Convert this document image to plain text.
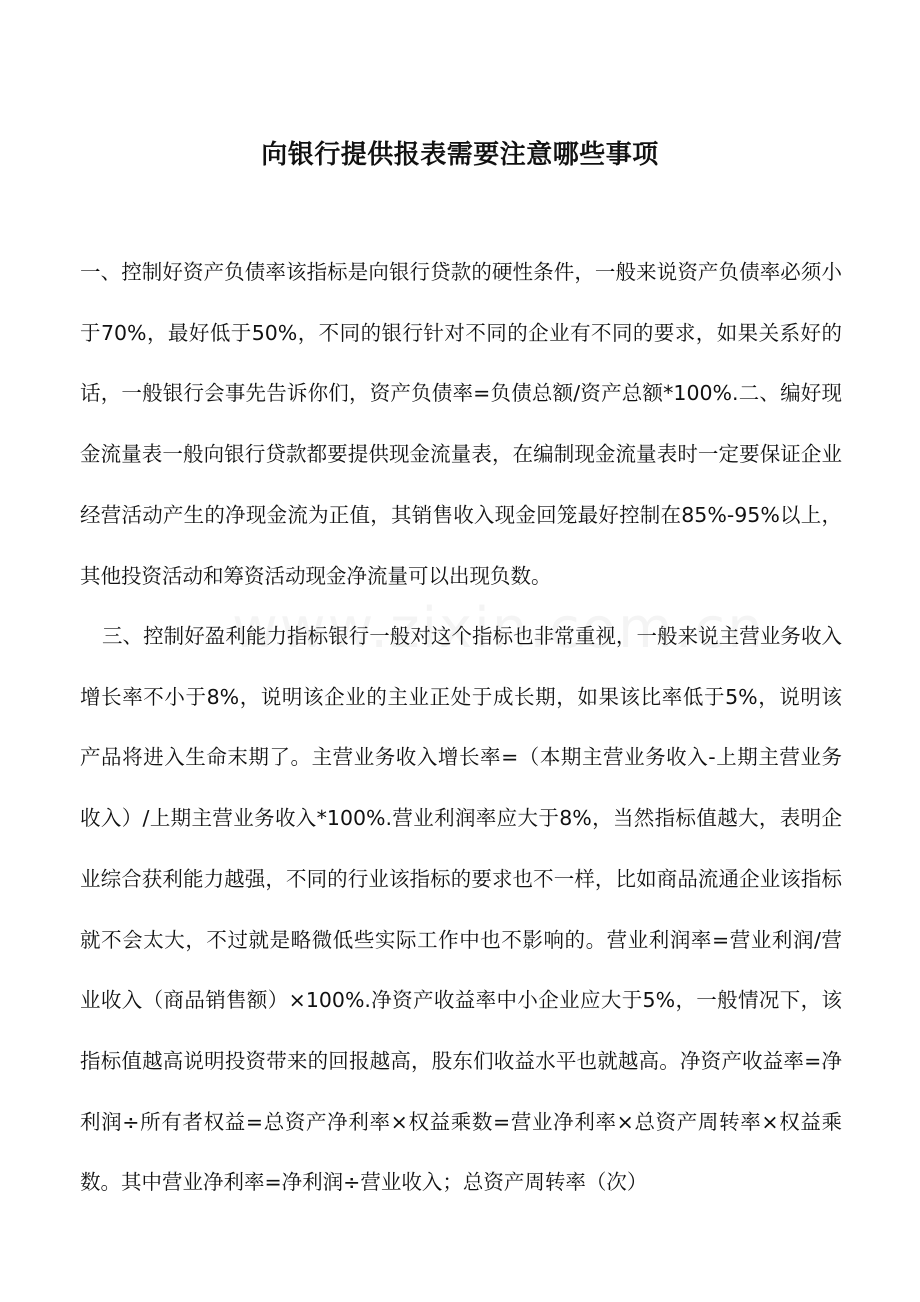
向银行提供报表需要注意哪些事项

一、控制好资产负债率该指标是向银行贷款的硬性条件，一般来说资产负债率必须小于70%，最好低于50%，不同的银行针对不同的企业有不同的要求，如果关系好的话，一般银行会事先告诉你们，资产负债率=负债总额/资产总额*100%.二、编好现金流量表一般向银行贷款都要提供现金流量表，在编制现金流量表时一定要保证企业经营活动产生的净现金流为正值，其销售收入现金回笼最好控制在85%-95%以上，其他投资活动和筹资活动现金净流量可以出现负数。

三、控制好盈利能力指标银行一般对这个指标也非常重视，一般来说主营业务收入增长率不小于8%，说明该企业的主业正处于成长期，如果该比率低于5%，说明该产品将进入生命末期了。主营业务收入增长率=（本期主营业务收入-上期主营业务收入）/上期主营业务收入*100%.营业利润率应大于8%，当然指标值越大，表明企业综合获利能力越强，不同的行业该指标的要求也不一样，比如商品流通企业该指标就不会太大，不过就是略微低些实际工作中也不影响的。营业利润率=营业利润/营业收入（商品销售额）×100%.净资产收益率中小企业应大于5%，一般情况下，该指标值越高说明投资带来的回报越高，股东们收益水平也就越高。净资产收益率=净利润÷所有者权益=总资产净利率×权益乘数=营业净利率×总资产周转率×权益乘数。其中营业净利率=净利润÷营业收入；总资产周转率（次）
